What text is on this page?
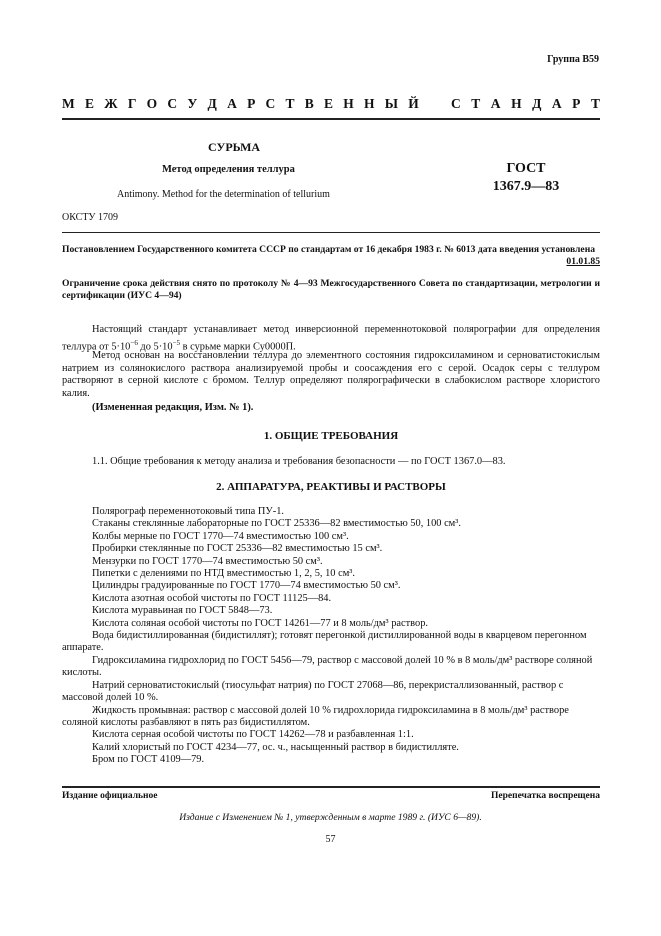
Группа B59
М Е Ж Г О С У Д А Р С Т В Е Н Н Ы Й С Т А Н Д А Р Т
СУРЬМА
Метод определения теллура	ГОСТ
1367.9—83
Antimony. Method for the determination of tellurium
ОКСТУ 1709
Постановлением Государственного комитета СССР по стандартам от 16 декабря 1983 г. № 6013 дата введения установлена
01.01.85
Ограничение срока действия снято по протоколу № 4—93 Межгосударственного Совета по стандартизации, метрологии и сертификации (ИУС 4—94)
Настоящий стандарт устанавливает метод инверсионной переменнотоковой полярографии для определения теллура от $5\cdot 10^{-6}$ до $5\cdot 10^{-5}$ в сурьме марки Су0000П.
Метод основан на восстановлении теллура до элементного состояния гидроксиламином и серноватистокислым натрием из солянокислого раствора анализируемой пробы и соосаждения его с серой. Осадок серы с теллуром растворяют в серной кислоте с бромом. Теллур определяют полярографически в слабокислом растворе хлористого калия.
(Измененная редакция, Изм. № 1).
1. ОБЩИЕ ТРЕБОВАНИЯ
1.1. Общие требования к методу анализа и требования безопасности — по ГОСТ 1367.0—83.
2. АППАРАТУРА, РЕАКТИВЫ И РАСТВОРЫ
Полярограф переменнотоковый типа ПУ-1.
Стаканы стеклянные лабораторные по ГОСТ 25336—82 вместимостью 50, 100 см³.
Колбы мерные по ГОСТ 1770—74 вместимостью 100 см³.
Пробирки стеклянные по ГОСТ 25336—82 вместимостью 15 см³.
Мензурки по ГОСТ 1770—74 вместимостью 50 см³.
Пипетки с делениями по НТД вместимостью 1, 2, 5, 10 см³.
Цилиндры градуированные по ГОСТ 1770—74 вместимостью 50 см³.
Кислота азотная особой чистоты по ГОСТ 11125—84.
Кислота муравьиная по ГОСТ 5848—73.
Кислота соляная особой чистоты по ГОСТ 14261—77 и 8 моль/дм³ раствор.
Вода бидистиллированная (бидистиллят); готовят перегонкой дистиллированной воды в кварцевом перегонном аппарате.
Гидроксиламина гидрохлорид по ГОСТ 5456—79, раствор с массовой долей 10 % в 8 моль/дм³ растворе соляной кислоты.
Натрий серноватистокислый (тиосульфат натрия) по ГОСТ 27068—86, перекристаллизованный, раствор с массовой долей 10 %.
Жидкость промывная: раствор с массовой долей 10 % гидрохлорида гидроксиламина в 8 моль/дм³ растворе соляной кислоты разбавляют в пять раз бидистиллятом.
Кислота серная особой чистоты по ГОСТ 14262—78 и разбавленная 1:1.
Калий хлористый по ГОСТ 4234—77, ос. ч., насыщенный раствор в бидистилляте.
Бром по ГОСТ 4109—79.
Издание официальное	Перепечатка воспрещена
Издание с Изменением № 1, утвержденным в марте 1989 г. (ИУС 6—89).
57
